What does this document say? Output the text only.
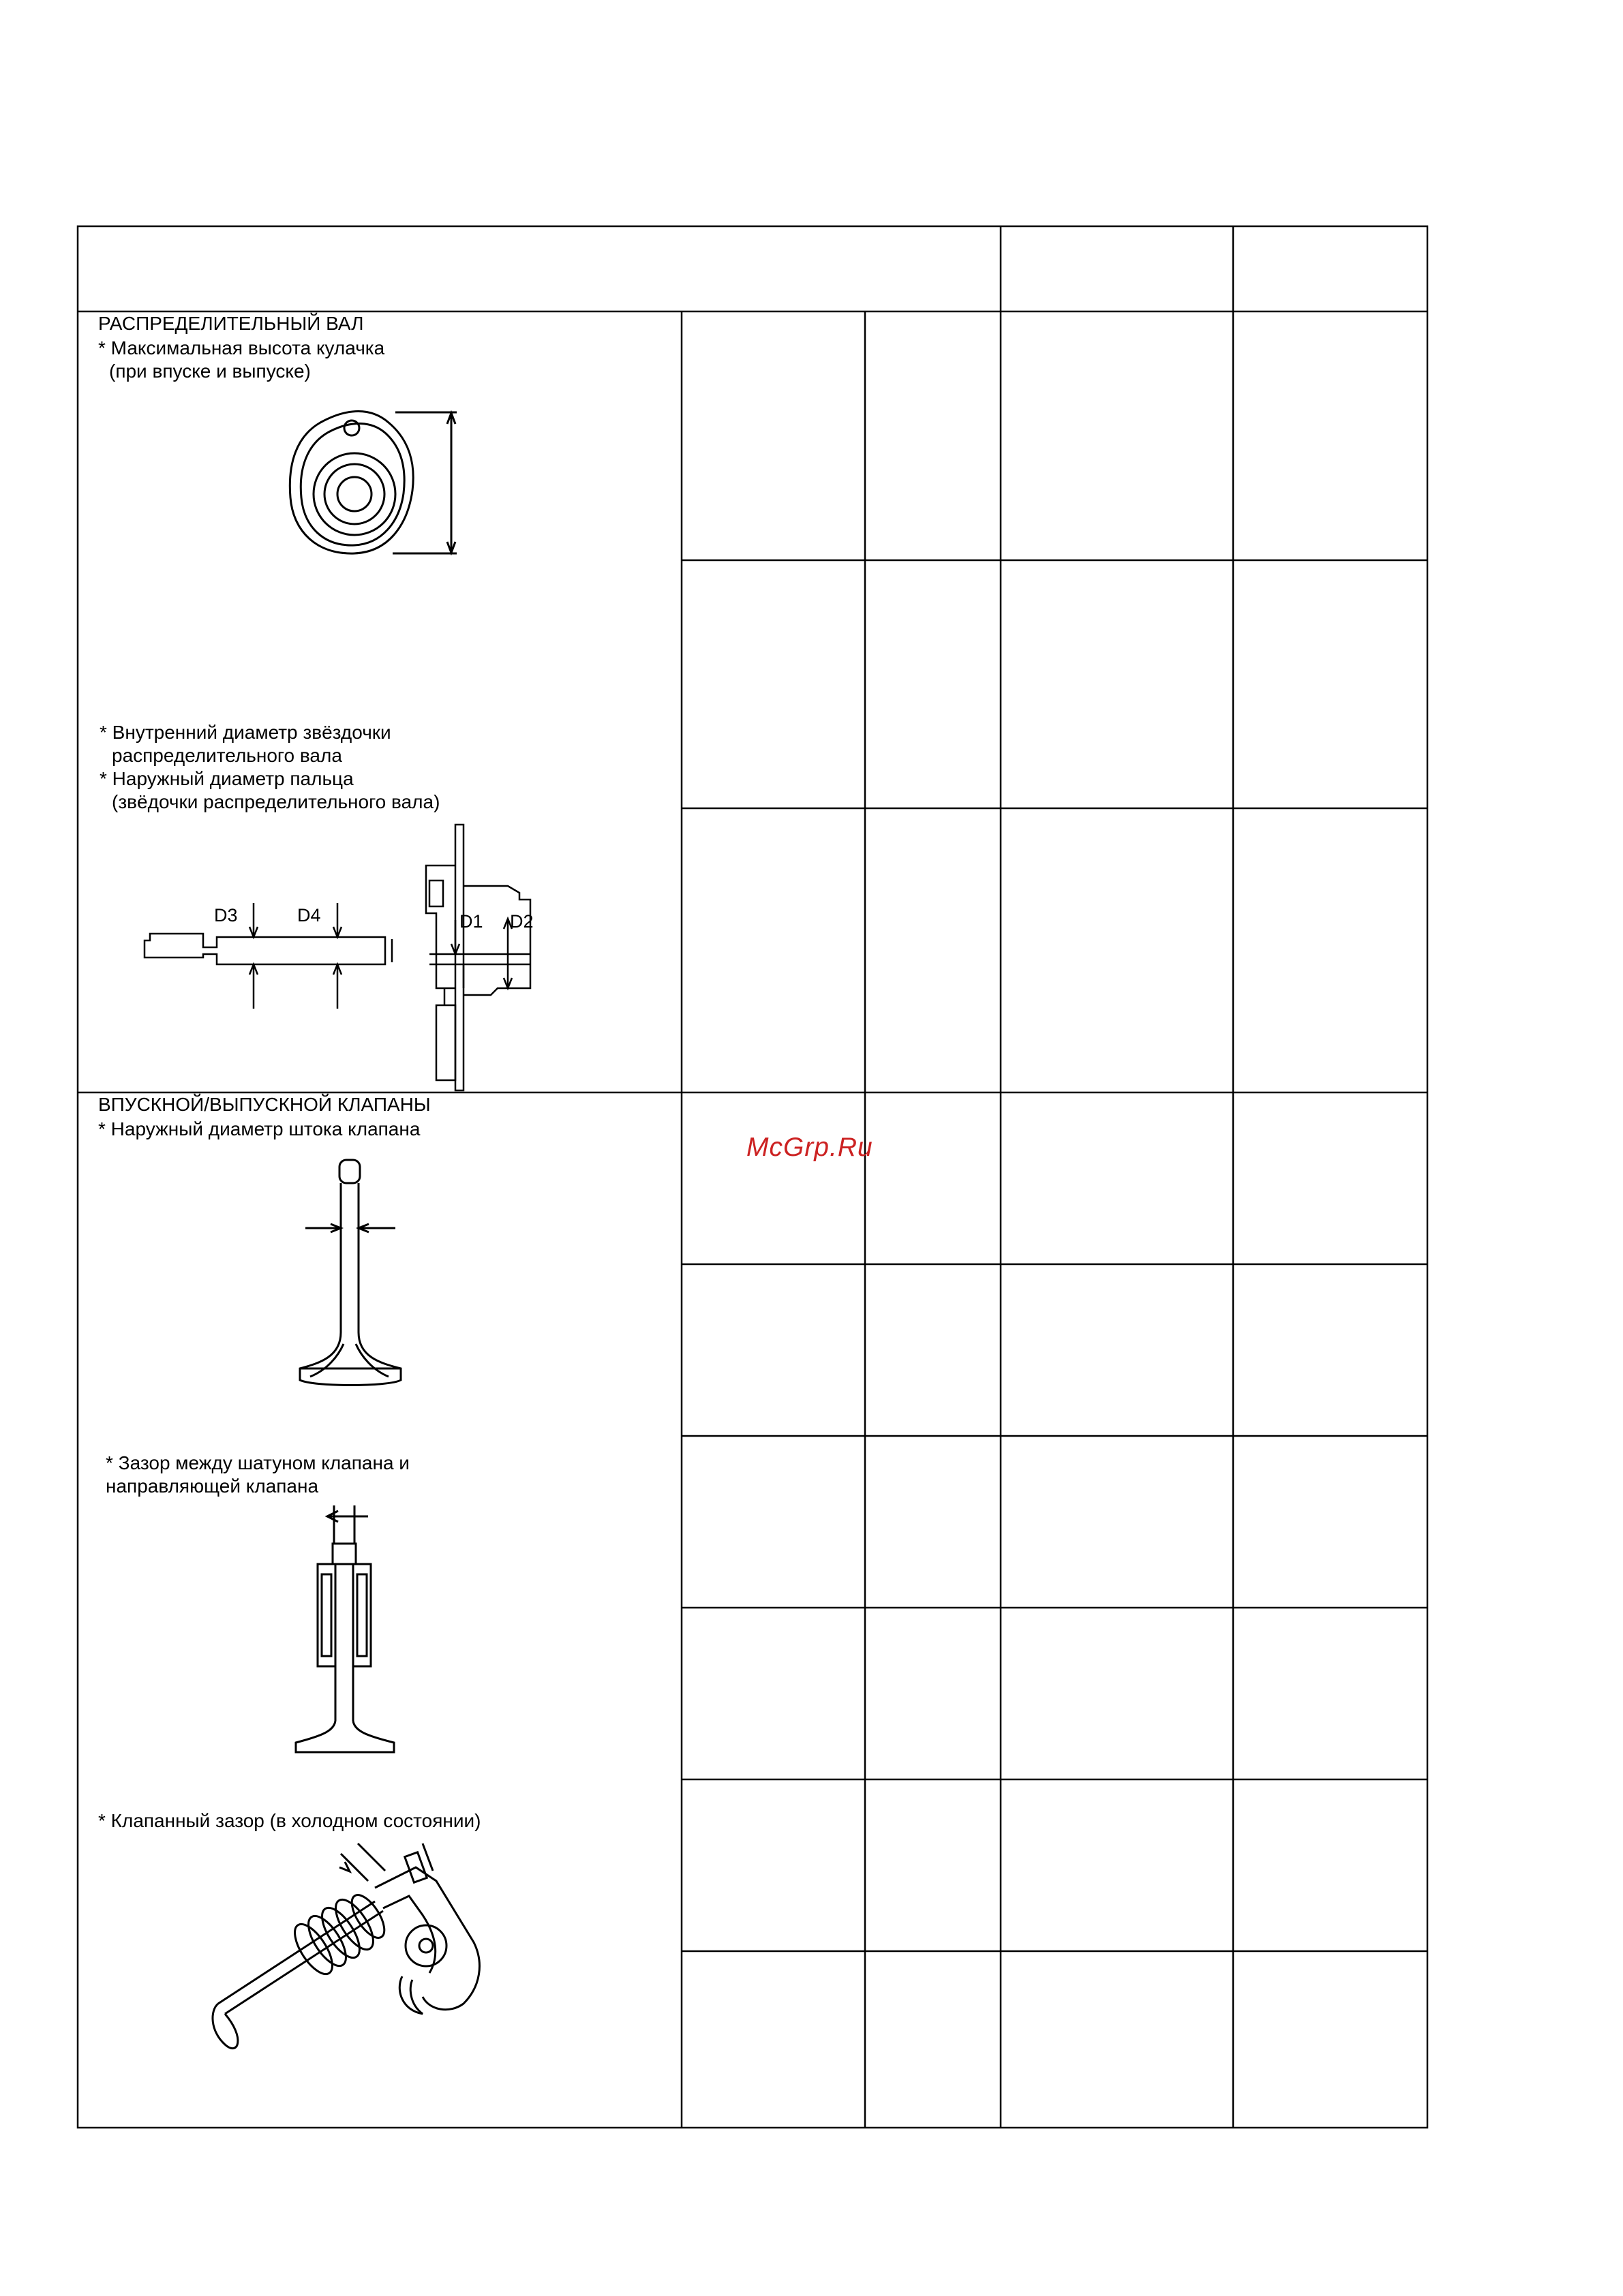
РАСПРЕДЕЛИТЕЛЬНЫЙ ВАЛ
* Максимальная высота кулачка
(при впуске и выпуске)
* Внутренний диаметр звёздочки
распределительного вала
* Наружный диаметр пальца
(звёдочки распределительного вала)
D3	D4	D1 D2
ВПУСКНОЙ/ВЫПУСКНОЙ КЛАПАНЫ
* Наружный диаметр штока клапана
McGrp.Ru
* Зазор между шатуном клапана и
направляющей клапана
* Клапанный зазор (в холодном состоянии)
